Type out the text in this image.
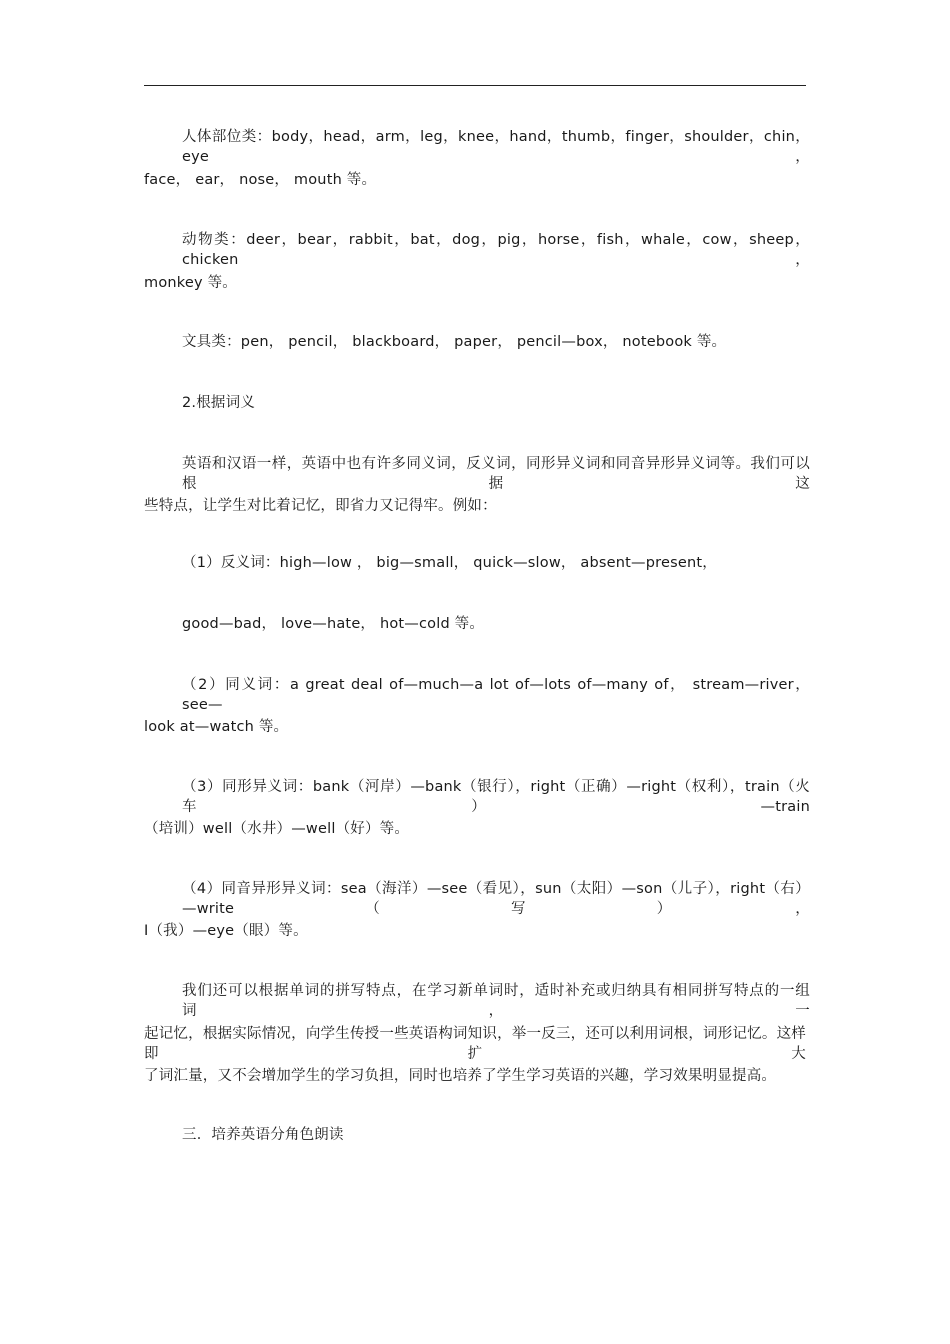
人体部位类：body，head，arm，leg，knee，hand，thumb，finger，shoulder，chin，eye，
face， ear， nose， mouth 等。
动物类：deer，bear，rabbit，bat，dog，pig，horse，fish，whale，cow，sheep，chicken，
monkey 等。
文具类：pen， pencil， blackboard， paper， pencil—box， notebook 等。
2.根据词义
英语和汉语一样，英语中也有许多同义词，反义词，同形异义词和同音异形异义词等。我们可以根据这
些特点，让学生对比着记忆，即省力又记得牢。例如：
（1）反义词：high—low ， big—small， quick—slow， absent—present，
good—bad， love—hate， hot—cold 等。
（2）同义词：a great deal of—much—a lot of—lots of—many of， stream—river， see—
look at—watch 等。
（3）同形异义词：bank（河岸）—bank（银行），right（正确）—right（权利），train（火车）—train
（培训）well（水井）—well（好）等。
（4）同音异形异义词：sea（海洋）—see（看见），sun（太阳）—son（儿子），right（右）—write（写），
I（我）—eye（眼）等。
我们还可以根据单词的拼写特点，在学习新单词时，适时补充或归纳具有相同拼写特点的一组词，一
起记忆，根据实际情况，向学生传授一些英语构词知识，举一反三，还可以利用词根，词形记忆。这样即扩大
了词汇量，又不会增加学生的学习负担，同时也培养了学生学习英语的兴趣，学习效果明显提高。
三．培养英语分角色朗读
